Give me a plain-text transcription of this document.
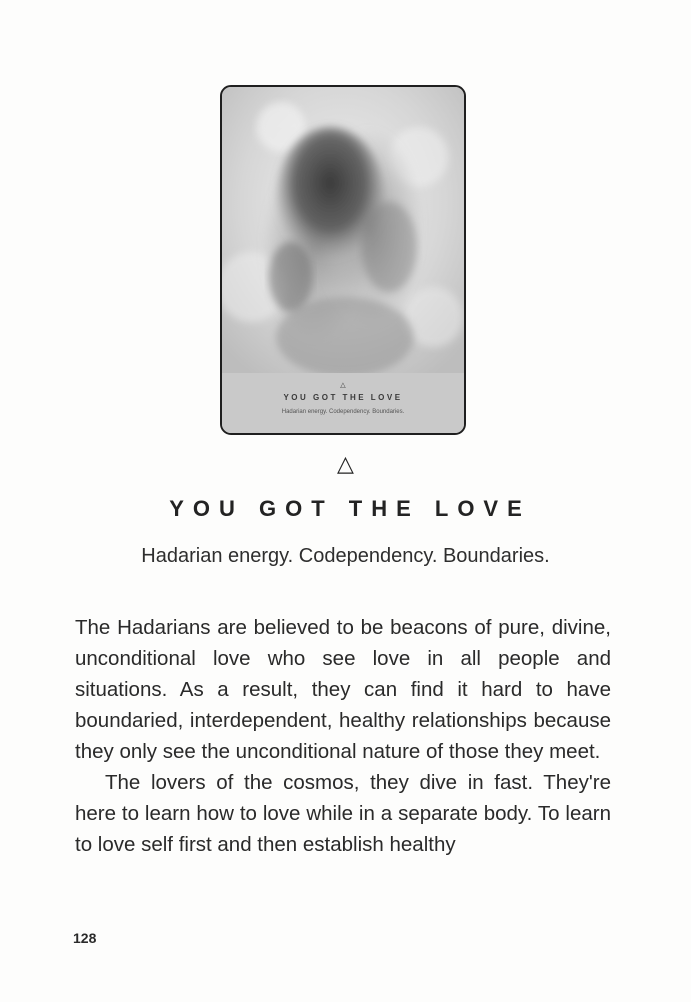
△
YOU GOT THE LOVE
Hadarian energy. Codependency. Boundaries.
△
YOU GOT THE LOVE
Hadarian energy. Codependency. Boundaries.

The Hadarians are believed to be beacons of pure, divine, unconditional love who see love in all people and situations. As a result, they can find it hard to have boundaried, interdependent, healthy relationships because they only see the unconditional nature of those they meet.

The lovers of the cosmos, they dive in fast. They're here to learn how to love while in a separate body. To learn to love self first and then establish healthy

128
